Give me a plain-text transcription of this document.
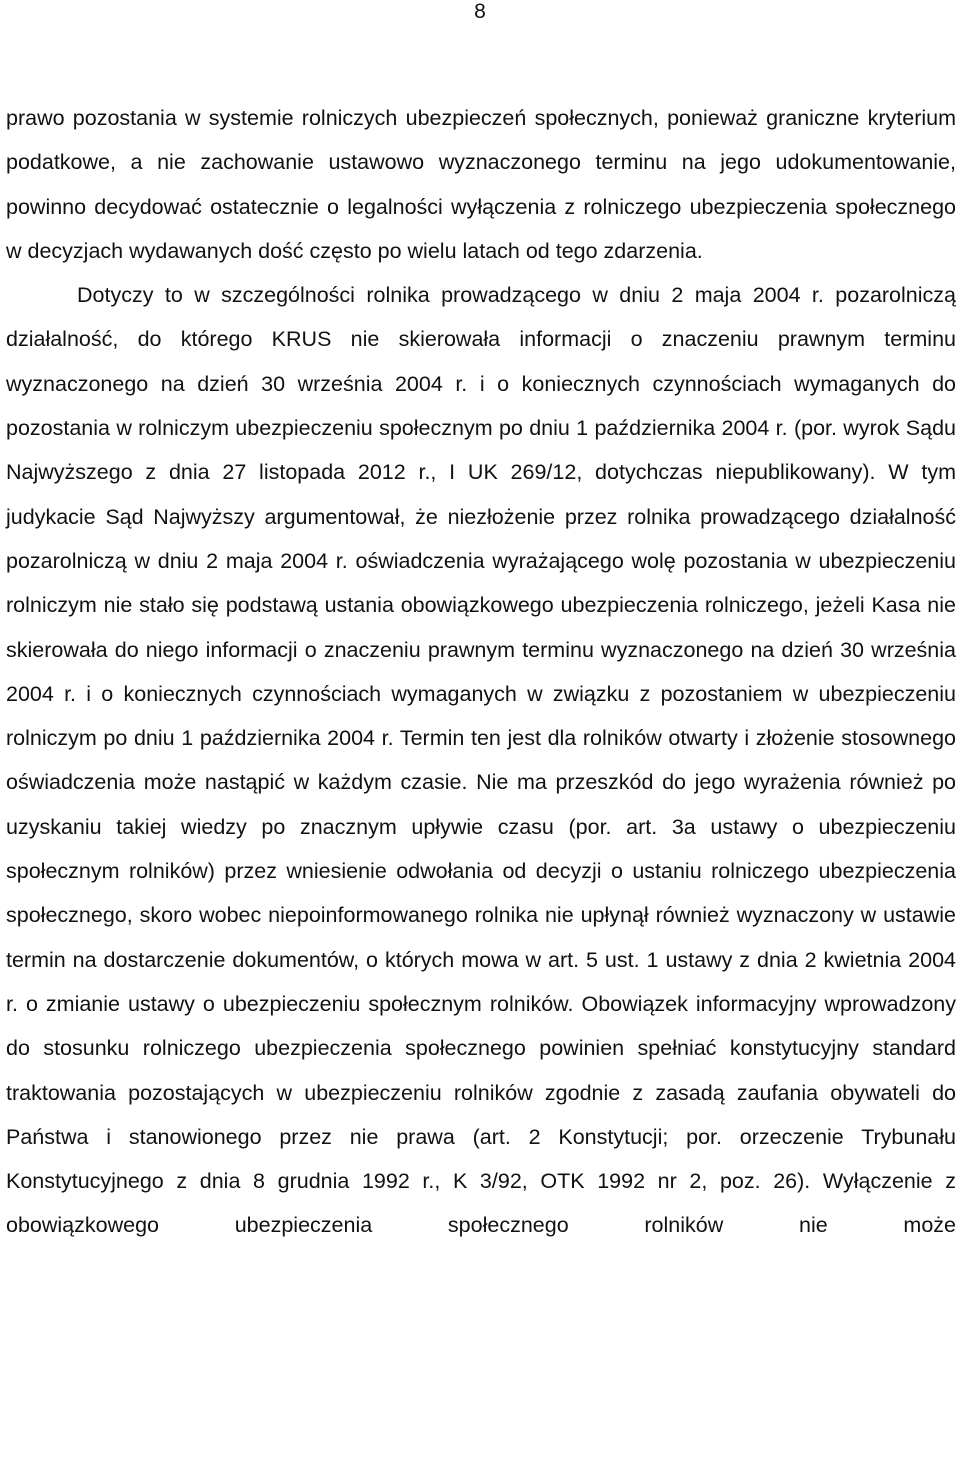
8

prawo pozostania w systemie rolniczych ubezpieczeń społecznych, ponieważ graniczne kryterium podatkowe, a nie zachowanie ustawowo wyznaczonego terminu na jego udokumentowanie, powinno decydować ostatecznie o legalności wyłączenia z rolniczego ubezpieczenia społecznego w decyzjach wydawanych dość często po wielu latach od tego zdarzenia.

Dotyczy to w szczególności rolnika prowadzącego w dniu 2 maja 2004 r. pozarolniczą działalność, do którego KRUS nie skierowała informacji o znaczeniu prawnym terminu wyznaczonego na dzień 30 września 2004 r. i o koniecznych czynnościach wymaganych do pozostania w rolniczym ubezpieczeniu społecznym po dniu 1 października 2004 r. (por. wyrok Sądu Najwyższego z dnia 27 listopada 2012 r., I UK 269/12, dotychczas niepublikowany). W tym judykacie Sąd Najwyższy argumentował, że niezłożenie przez rolnika prowadzącego działalność pozarolniczą w dniu 2 maja 2004 r. oświadczenia wyrażającego wolę pozostania w ubezpieczeniu rolniczym nie stało się podstawą ustania obowiązkowego ubezpieczenia rolniczego, jeżeli Kasa nie skierowała do niego informacji o znaczeniu prawnym terminu wyznaczonego na dzień 30 września 2004 r. i o koniecznych czynnościach wymaganych w związku z pozostaniem w ubezpieczeniu rolniczym po dniu 1 października 2004 r. Termin ten jest dla rolników otwarty i złożenie stosownego oświadczenia może nastąpić w każdym czasie. Nie ma przeszkód do jego wyrażenia również po uzyskaniu takiej wiedzy po znacznym upływie czasu (por. art. 3a ustawy o ubezpieczeniu społecznym rolników) przez wniesienie odwołania od decyzji o ustaniu rolniczego ubezpieczenia społecznego, skoro wobec niepoinformowanego rolnika nie upłynął również wyznaczony w ustawie termin na dostarczenie dokumentów, o których mowa w art. 5 ust. 1 ustawy z dnia 2 kwietnia 2004 r. o zmianie ustawy o ubezpieczeniu społecznym rolników. Obowiązek informacyjny wprowadzony do stosunku rolniczego ubezpieczenia społecznego powinien spełniać konstytucyjny standard traktowania pozostających w ubezpieczeniu rolników zgodnie z zasadą zaufania obywateli do Państwa i stanowionego przez nie prawa (art. 2 Konstytucji; por. orzeczenie Trybunału Konstytucyjnego z dnia 8 grudnia 1992 r., K 3/92, OTK 1992 nr 2, poz. 26). Wyłączenie z obowiązkowego ubezpieczenia społecznego rolników nie może
